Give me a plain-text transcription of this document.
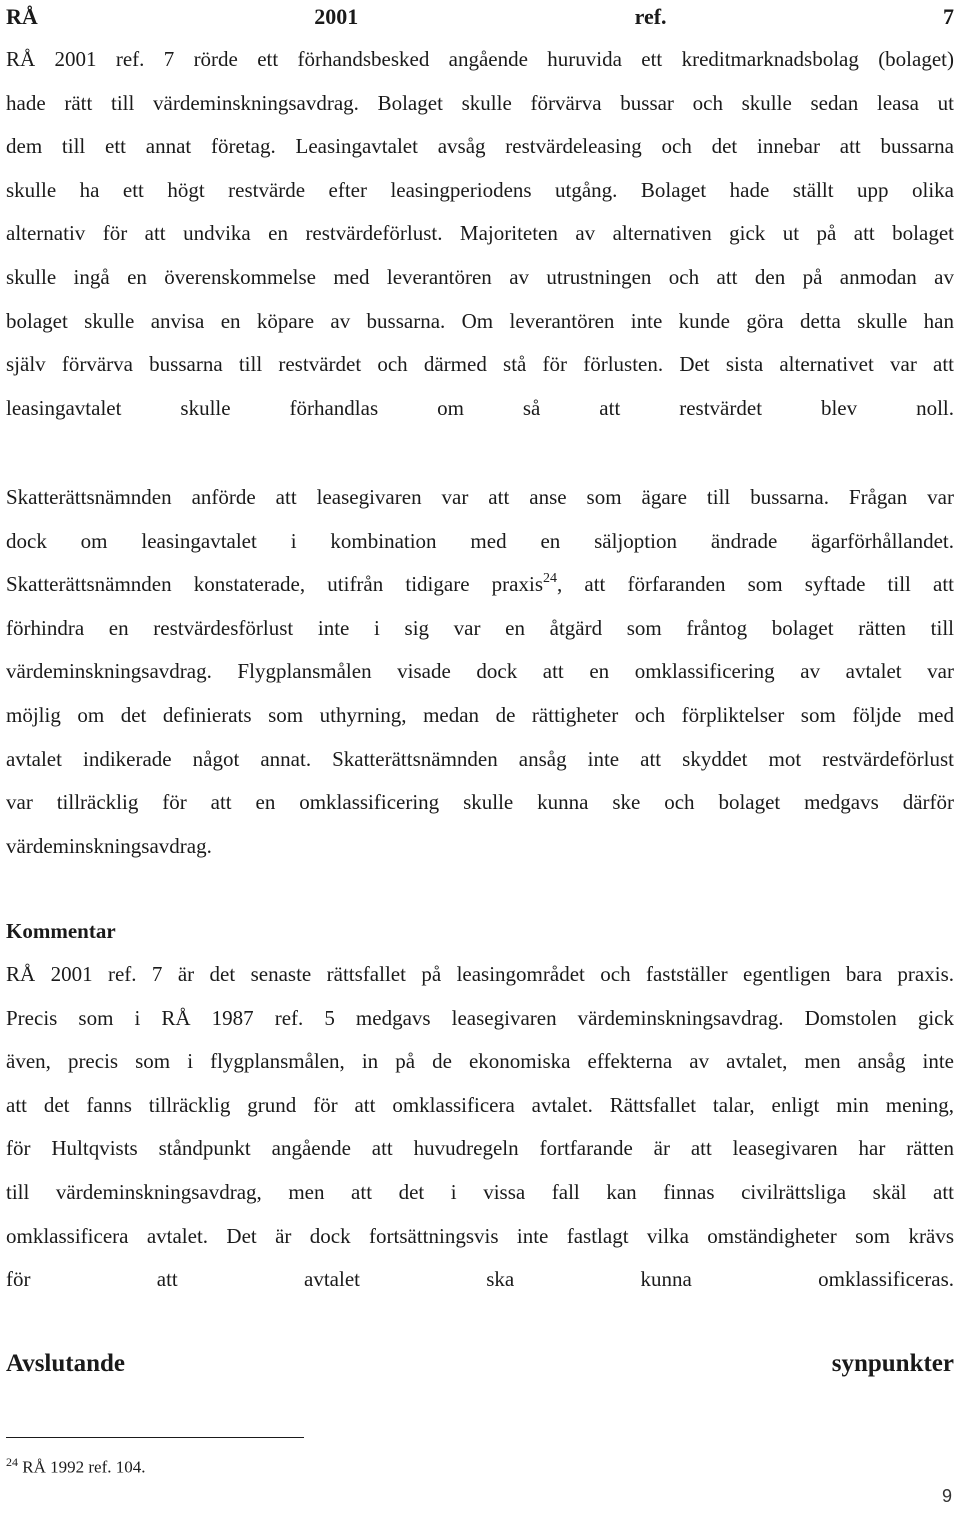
RÅ	2001	ref.	7
RÅ 2001 ref. 7 rörde ett förhandsbesked angående huruvida ett kreditmarknadsbolag (bolaget)
hade rätt till värdeminskningsavdrag. Bolaget skulle förvärva bussar och skulle sedan leasa ut
dem till ett annat företag. Leasingavtalet avsåg restvärdeleasing och det innebar att bussarna
skulle ha ett högt restvärde efter leasingperiodens utgång. Bolaget hade ställt upp olika
alternativ för att undvika en restvärdeförlust. Majoriteten av alternativen gick ut på att bolaget
skulle ingå en överenskommelse med leverantören av utrustningen och att den på anmodan av
bolaget skulle anvisa en köpare av bussarna. Om leverantören inte kunde göra detta skulle han
själv förvärva bussarna till restvärdet och därmed stå för förlusten. Det sista alternativet var att
leasingavtalet skulle förhandlas om så att restvärdet blev noll.
Skatterättsnämnden anförde att leasegivaren var att anse som ägare till bussarna. Frågan var
dock om leasingavtalet i kombination med en säljoption ändrade ägarförhållandet.
Skatterättsnämnden konstaterade, utifrån tidigare praxis$^{24}$, att förfaranden som syftade till att
förhindra en restvärdesförlust inte i sig var en åtgärd som fråntog bolaget rätten till
värdeminskningsavdrag. Flygplansmålen visade dock att en omklassificering av avtalet var
möjlig om det definierats som uthyrning, medan de rättigheter och förpliktelser som följde med
avtalet indikerade något annat. Skatterättsnämnden ansåg inte att skyddet mot restvärdeförlust
var tillräcklig för att en omklassificering skulle kunna ske och bolaget medgavs därför
värdeminskningsavdrag.
Kommentar
RÅ 2001 ref. 7 är det senaste rättsfallet på leasingområdet och fastställer egentligen bara praxis.
Precis som i RÅ 1987 ref. 5 medgavs leasegivaren värdeminskningsavdrag. Domstolen gick
även, precis som i flygplansmålen, in på de ekonomiska effekterna av avtalet, men ansåg inte
att det fanns tillräcklig grund för att omklassificera avtalet. Rättsfallet talar, enligt min mening,
för Hultqvists ståndpunkt angående att huvudregeln fortfarande är att leasegivaren har rätten
till värdeminskningsavdrag, men att det i vissa fall kan finnas civilrättsliga skäl att
omklassificera avtalet. Det är dock fortsättningsvis inte fastlagt vilka omständigheter som krävs
för att avtalet ska kunna omklassificeras.
Avslutande	synpunkter
$^{24}$ RÅ 1992 ref. 104.
9
